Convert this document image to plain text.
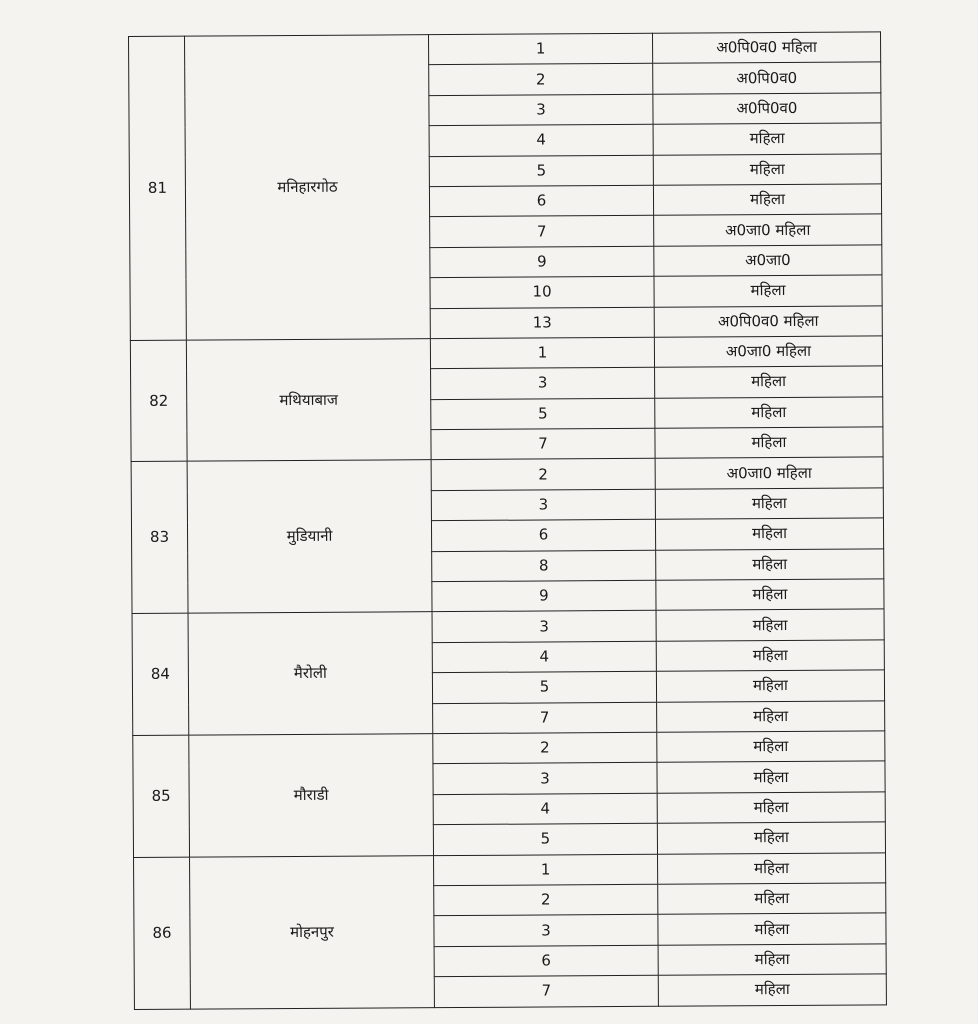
81	मनिहारगोठ	1	अ0पि0व0 महिला
		2	अ0पि0व0
		3	अ0पि0व0
		4	महिला
		5	महिला
		6	महिला
		7	अ0जा0 महिला
		9	अ0जा0
		10	महिला
		13	अ0पि0व0 महिला
82	मथियाबाज	1	अ0जा0 महिला
		3	महिला
		5	महिला
		7	महिला
83	मुडियानी	2	अ0जा0 महिला
		3	महिला
		6	महिला
		8	महिला
		9	महिला
84	मैरोली	3	महिला
		4	महिला
		5	महिला
		7	महिला
85	मौराडी	2	महिला
		3	महिला
		4	महिला
		5	महिला
86	मोहनपुर	1	महिला
		2	महिला
		3	महिला
		6	महिला
		7	महिला
